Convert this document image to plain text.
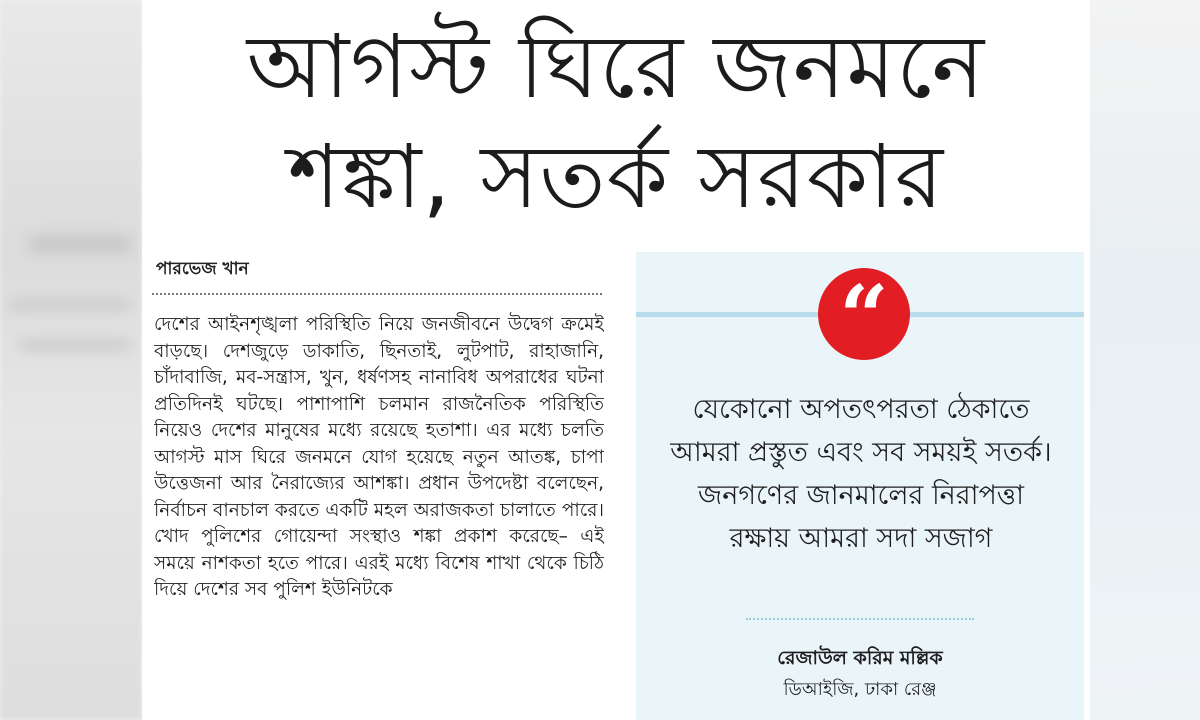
আগস্ট ঘিরে জনমনে
শঙ্কা, সতর্ক সরকার
পারভেজ খান
দেশের আইনশৃঙ্খলা পরিস্থিতি নিয়ে জনজীবনে উদ্বেগ ক্রমেই বাড়ছে। দেশজুড়ে ডাকাতি, ছিনতাই, লুটপাট, রাহাজানি, চাঁদাবাজি, মব-সন্ত্রাস, খুন, ধর্ষণসহ নানাবিধ অপরাধের ঘটনা প্রতিদিনই ঘটছে। পাশাপাশি চলমান রাজনৈতিক পরিস্থিতি নিয়েও দেশের মানুষের মধ্যে রয়েছে হতাশা। এর মধ্যে চলতি আগস্ট মাস ঘিরে জনমনে যোগ হয়েছে নতুন আতঙ্ক, চাপা উত্তেজনা আর নৈরাজ্যের আশঙ্কা। প্রধান উপদেষ্টা বলেছেন, নির্বাচন বানচাল করতে একটি মহল অরাজকতা চালাতে পারে। খোদ পুলিশের গোয়েন্দা সংস্থাও শঙ্কা প্রকাশ করেছে– এই সময়ে নাশকতা হতে পারে। এরই মধ্যে বিশেষ শাখা থেকে চিঠি দিয়ে দেশের সব পুলিশ ইউনিটকে
“
যেকোনো অপতৎপরতা ঠেকাতে আমরা প্রস্তুত এবং সব সময়ই সতর্ক। জনগণের জানমালের নিরাপত্তা রক্ষায় আমরা সদা সজাগ
রেজাউল করিম মল্লিক
ডিআইজি, ঢাকা রেঞ্জ
